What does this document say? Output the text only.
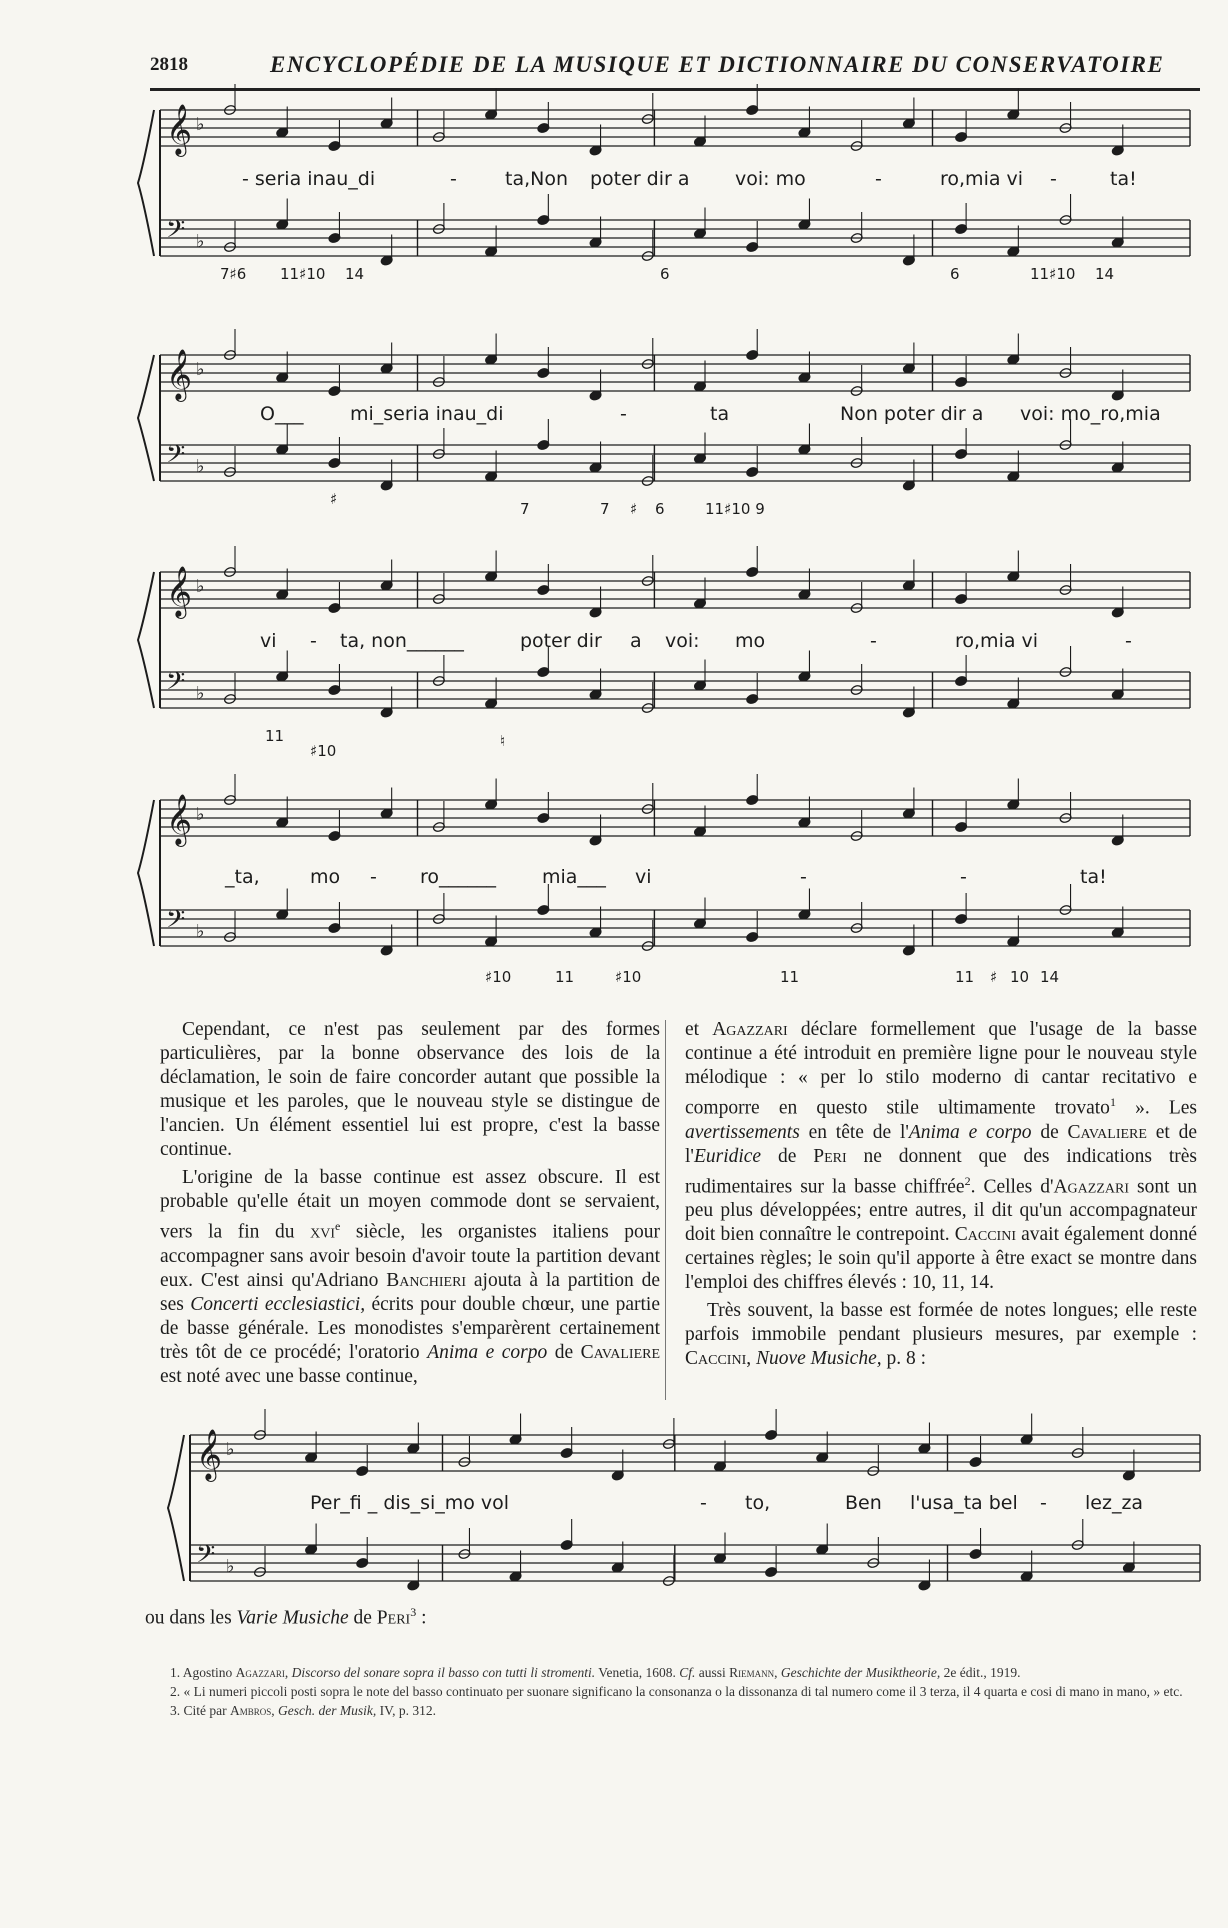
2818	ENCYCLOPÉDIE DE LA MUSIQUE ET DICTIONNAIRE DU CONSERVATOIRE
𝄞 ♭
𝄢 ♭
- seria inau_di	-	ta,Non poter dir a voi: mo	-	ro,mia vi -	ta!
7♯6 11♯10 14	6	6	11♯10 14
𝄞 ♭
𝄢 ♭
O___ mi_seria inau_di	-	ta	Non poter dir a voi: mo_ro,mia
♯
7	7 ♯ 6	11♯10 9
𝄞 ♭
𝄢 ♭
vi - ta, non______	poter dir a voi: mo	-	ro,mia vi	-
11
♯10
♮
𝄞 ♭
𝄢 ♭
_ta,	mo - ro______ mia___ vi	-	-	ta!
♯10	11	♯10	11	11 ♯ 10 14

Cependant, ce n'est pas seulement par des formes particulières, par la bonne observance des lois de la déclamation, le soin de faire concorder autant que possible la musique et les paroles, que le nouveau style se distingue de l'ancien. Un élément essentiel lui est propre, c'est la basse continue.

L'origine de la basse continue est assez obscure. Il est probable qu'elle était un moyen commode dont se servaient, vers la fin du xvi$^e$ siècle, les organistes italiens pour accompagner sans avoir besoin d'avoir toute la partition devant eux. C'est ainsi qu'Adriano Banchieri ajouta à la partition de ses Concerti ecclesiastici, écrits pour double chœur, une partie de basse générale. Les monodistes s'emparèrent certainement très tôt de ce procédé; l'oratorio Anima e corpo de Cavaliere est noté avec une basse continue,

et Agazzari déclare formellement que l'usage de la basse continue a été introduit en première ligne pour le nouveau style mélodique : « per lo stilo moderno di cantar recitativo e comporre en questo stile ultimamente trovato$^1$ ». Les avertissements en tête de l'Anima e corpo de Cavaliere et de l'Euridice de Peri ne donnent que des indications très rudimentaires sur la basse chiffrée$^2$. Celles d'Agazzari sont un peu plus développées; entre autres, il dit qu'un accompagnateur doit bien connaître le contrepoint. Caccini avait également donné certaines règles; le soin qu'il apporte à être exact se montre dans l'emploi des chiffres élevés : 10, 11, 14.

Très souvent, la basse est formée de notes longues; elle reste parfois immobile pendant plusieurs mesures, par exemple : Caccini, Nuove Musiche, p. 8 :

𝄞 ♭
𝄢 ♭
Per_fi _ dis_si_mo vol	- to,	Ben l'usa_ta bel - lez_za
ou dans les Varie Musiche de Peri$^3$ :

1. Agostino Agazzari, Discorso del sonare sopra il basso con tutti li stromenti. Venetia, 1608. Cf. aussi Riemann, Geschichte der Musiktheorie, 2e édit., 1919.

2. « Li numeri piccoli posti sopra le note del basso continuato per suonare significano la consonanza o la dissonanza di tal numero come il 3 terza, il 4 quarta e cosi di mano in mano, » etc.

3. Cité par Ambros, Gesch. der Musik, IV, p. 312.
